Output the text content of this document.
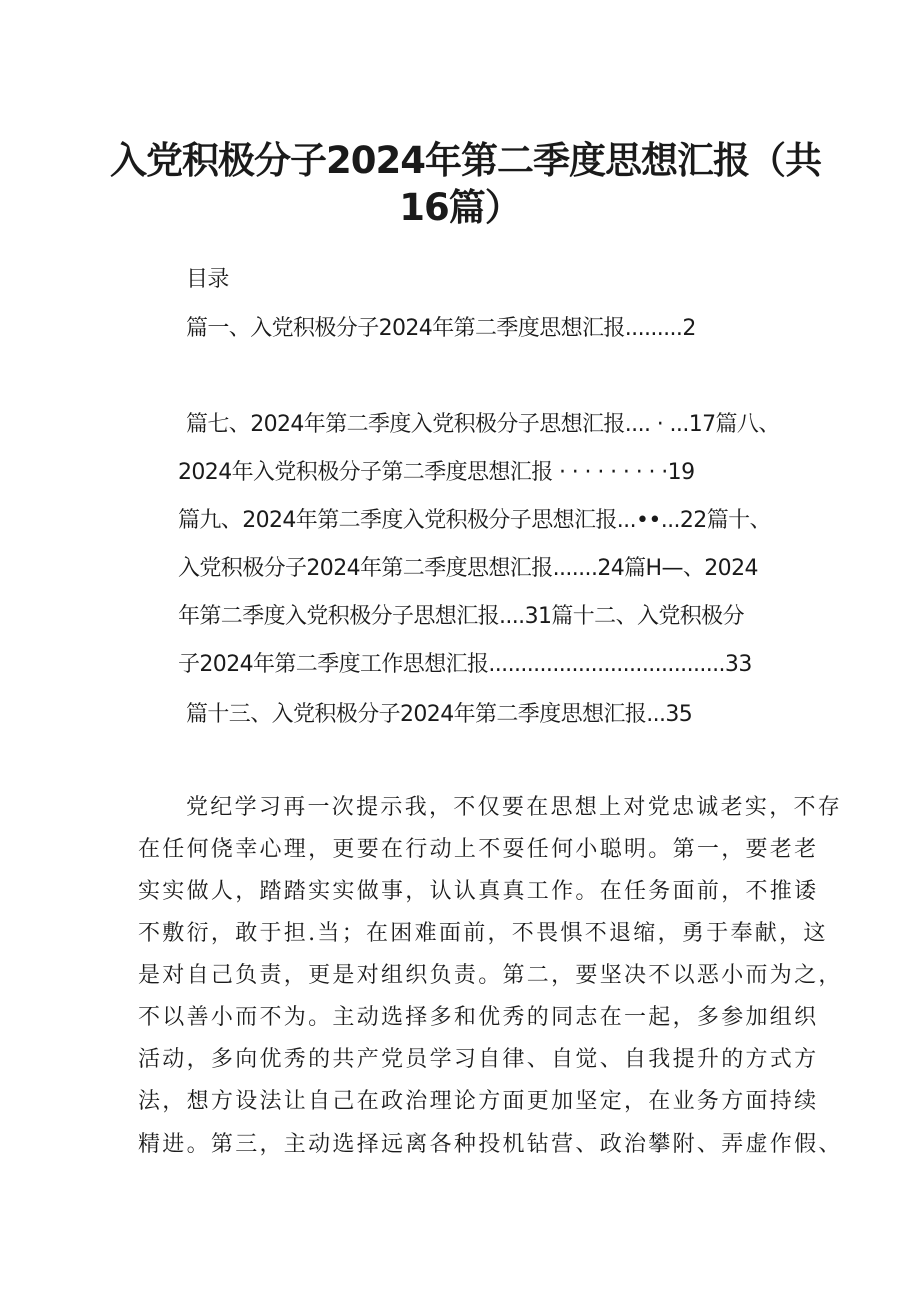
入党积极分子2024年第二季度思想汇报（共
16篇）
目录
篇一、入党积极分子2024年第二季度思想汇报.........2
篇七、2024年第二季度入党积极分子思想汇报.... · ...17篇八、
2024年入党积极分子第二季度思想汇报 · · · · · · · · ·19
篇九、2024年第二季度入党积极分子思想汇报...••...22篇十、
入党积极分子2024年第二季度思想汇报.......24篇H—、2024
年第二季度入党积极分子思想汇报....31篇十二、入党积极分
子2024年第二季度工作思想汇报.....................................33
篇十三、入党积极分子2024年第二季度思想汇报...35
党纪学习再一次提示我，不仅要在思想上对党忠诚老实，不存
在任何侥幸心理，更要在行动上不耍任何小聪明。第一，要老老
实实做人，踏踏实实做事，认认真真工作。在任务面前，不推诿
不敷衍，敢于担.当；在困难面前，不畏惧不退缩，勇于奉献，这
是对自己负责，更是对组织负责。第二，要坚决不以恶小而为之，
不以善小而不为。主动选择多和优秀的同志在一起，多参加组织
活动，多向优秀的共产党员学习自律、自觉、自我提升的方式方
法，想方设法让自己在政治理论方面更加坚定，在业务方面持续
精进。第三，主动选择远离各种投机钻营、政治攀附、弄虚作假、
